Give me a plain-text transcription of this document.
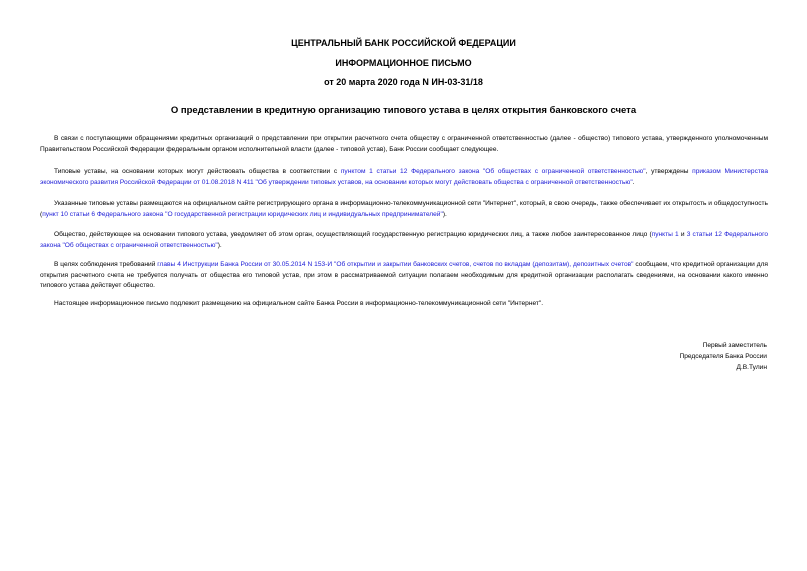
ЦЕНТРАЛЬНЫЙ БАНК РОССИЙСКОЙ ФЕДЕРАЦИИ
ИНФОРМАЦИОННОЕ ПИСЬМО
от 20 марта 2020 года N ИН-03-31/18
О представлении в кредитную организацию типового устава в целях открытия банковского счета
В связи с поступающими обращениями кредитных организаций о представлении при открытии расчетного счета обществу с ограниченной ответственностью (далее - общество) типового устава, утвержденного уполномоченным Правительством Российской Федерации федеральным органом исполнительной власти (далее - типовой устав), Банк России сообщает следующее.
Типовые уставы, на основании которых могут действовать общества в соответствии с пунктом 1 статьи 12 Федерального закона "Об обществах с ограниченной ответственностью", утверждены приказом Министерства экономического развития Российской Федерации от 01.08.2018 N 411 "Об утверждении типовых уставов, на основании которых могут действовать общества с ограниченной ответственностью".
Указанные типовые уставы размещаются на официальном сайте регистрирующего органа в информационно-телекоммуникационной сети "Интернет", который, в свою очередь, также обеспечивает их открытость и общедоступность (пункт 10 статьи 6 Федерального закона "О государственной регистрации юридических лиц и индивидуальных предпринимателей").
Общество, действующее на основании типового устава, уведомляет об этом орган, осуществляющий государственную регистрацию юридических лиц, а также любое заинтересованное лицо (пункты 1 и 3 статьи 12 Федерального закона "Об обществах с ограниченной ответственностью").
В целях соблюдения требований главы 4 Инструкции Банка России от 30.05.2014 N 153-И "Об открытии и закрытии банковских счетов, счетов по вкладам (депозитам), депозитных счетов" сообщаем, что кредитной организации для открытия расчетного счета не требуется получать от общества его типовой устав, при этом в рассматриваемой ситуации полагаем необходимым для кредитной организации располагать сведениями, на основании какого именно типового устава действует общество.
Настоящее информационное письмо подлежит размещению на официальном сайте Банка России в информационно-телекоммуникационной сети "Интернет".
Первый заместитель
Председателя Банка России
Д.В.Тулин
